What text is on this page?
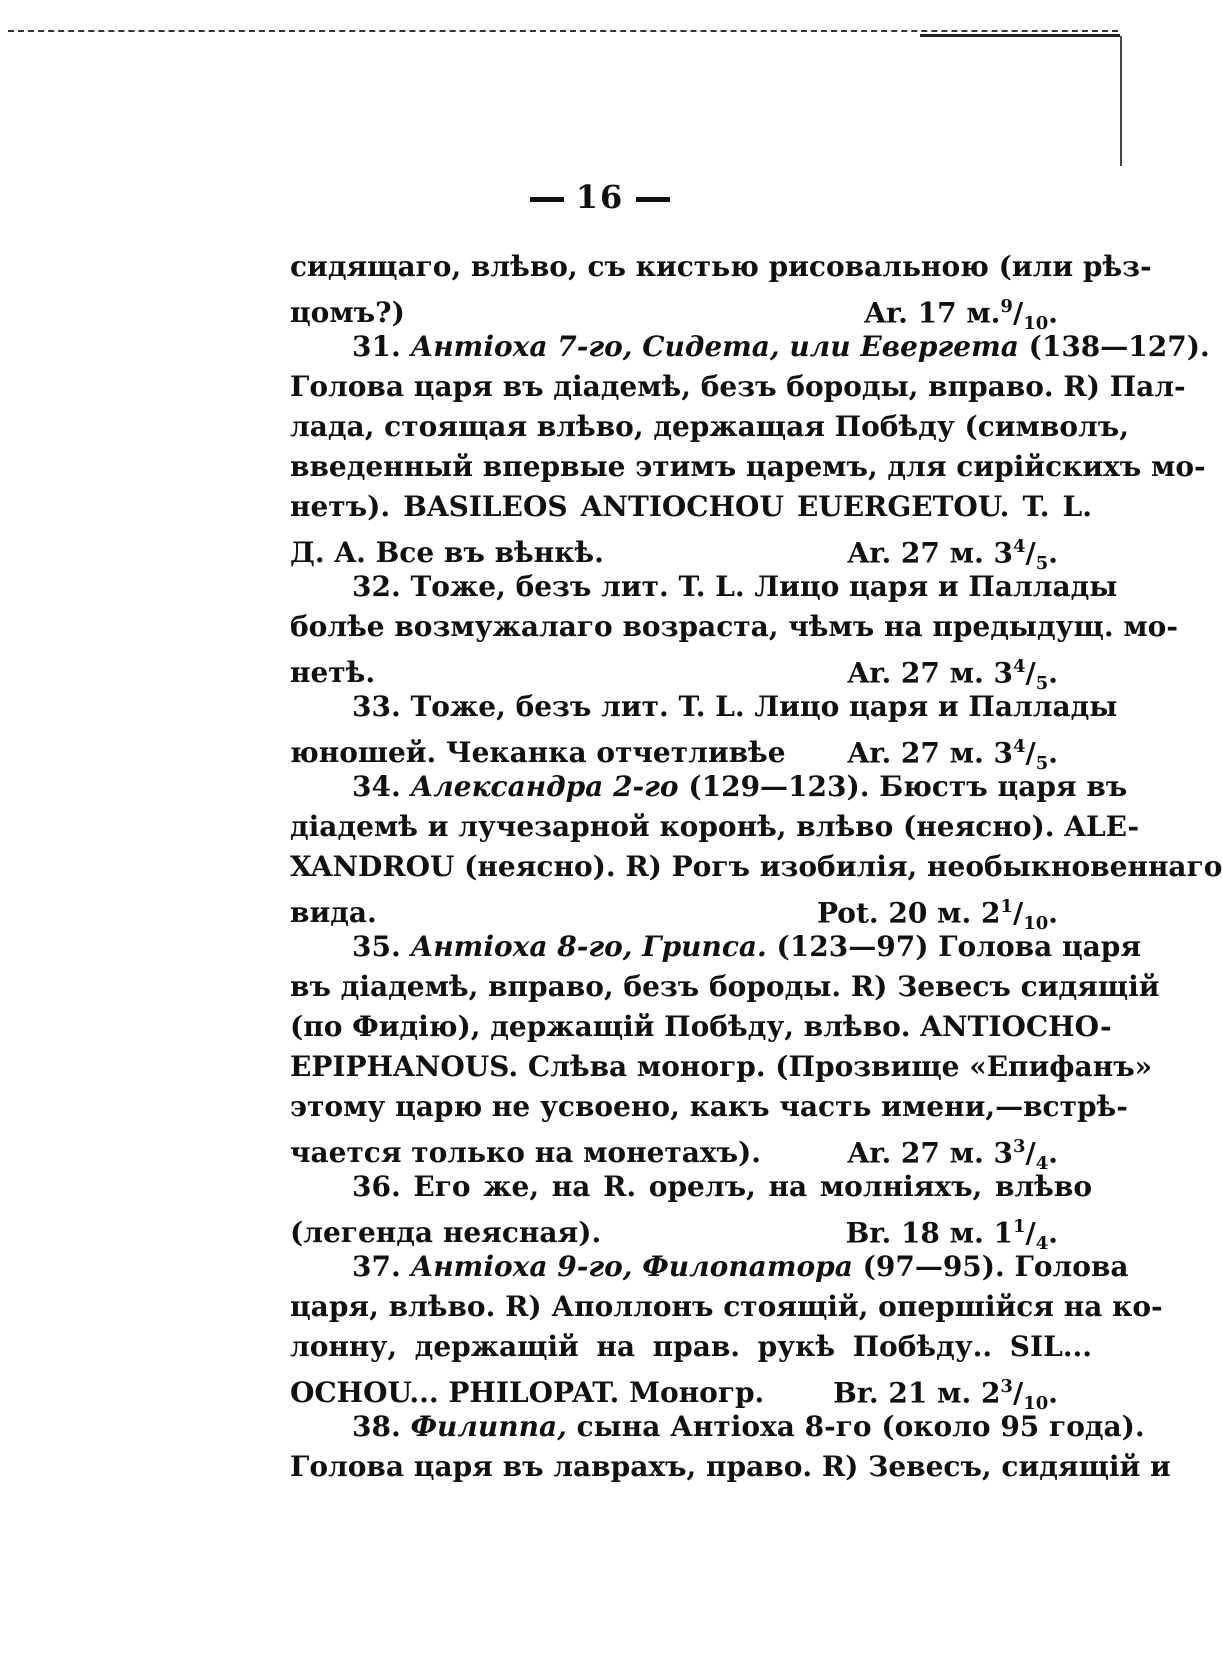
16
сидящаго, влѣво, съ кистью рисовальною (или рѣз-
цомъ?)	Ar. 17 $м.^9/_{10}$.
31. Антіоха 7-го, Сидета, или Евергета (138—127).
Голова царя въ діадемѣ, безъ бороды, вправо. R) Пал-
лада, стоящая влѣво, держащая Побѣду (символъ,
введенный впервые этимъ царемъ, для сирійскихъ мо-
нетъ). BASILEOS ANTIOCHOU EUERGETOU. T. L.
Д. A. Все въ вѣнкѣ.	Ar. 27 м. $3^4/_5$.
32. Тоже, безъ лит. T. L. Лицо царя и Паллады
болѣе возмужалаго возраста, чѣмъ на предыдущ. мо-
нетѣ.	Ar. 27 м. $3^4/_5$.
33. Тоже, безъ лит. T. L. Лицо царя и Паллады
юношей. Чеканка отчетливѣе Ar. 27 м. $3^4/_5$.
34. Александра 2-го (129—123). Бюстъ царя въ
діадемѣ и лучезарной коронѣ, влѣво (неясно). ALE-
XANDROU (неясно). R) Рогъ изобилія, необыкновеннаго
вида.	Pot. 20 м. $2^1/_{10}$.
35. Антіоха 8-го, Грипса. (123—97) Голова царя
въ діадемѣ, вправо, безъ бороды. R) Зевесъ сидящій
(по Фидію), держащій Побѣду, влѣво. ANTIOCHO-
EPIPHANOUS. Слѣва моногр. (Прозвище «Епифанъ»
этому царю не усвоено, какъ часть имени,—встрѣ-
чается только на монетахъ).	Ar. 27 м. $3^3/_4$.
36. Его же, на R. орелъ, на молніяхъ, влѣво
(легенда неясная).	Br. 18 м. $1^1/_4$.
37. Антіоха 9-го, Филопатора (97—95). Голова
царя, влѣво. R) Аполлонъ стоящій, опершійся на ко-
лонну, держащій на прав. рукѣ Побѣду.. SIL...
OCHOU... PHILOPAT. Моногр. Br. 21 м. $2^3/_{10}$.
38. Филиппа, сына Антіоха 8-го (около 95 года).
Голова царя въ лаврахъ, право. R) Зевесъ, сидящій и
